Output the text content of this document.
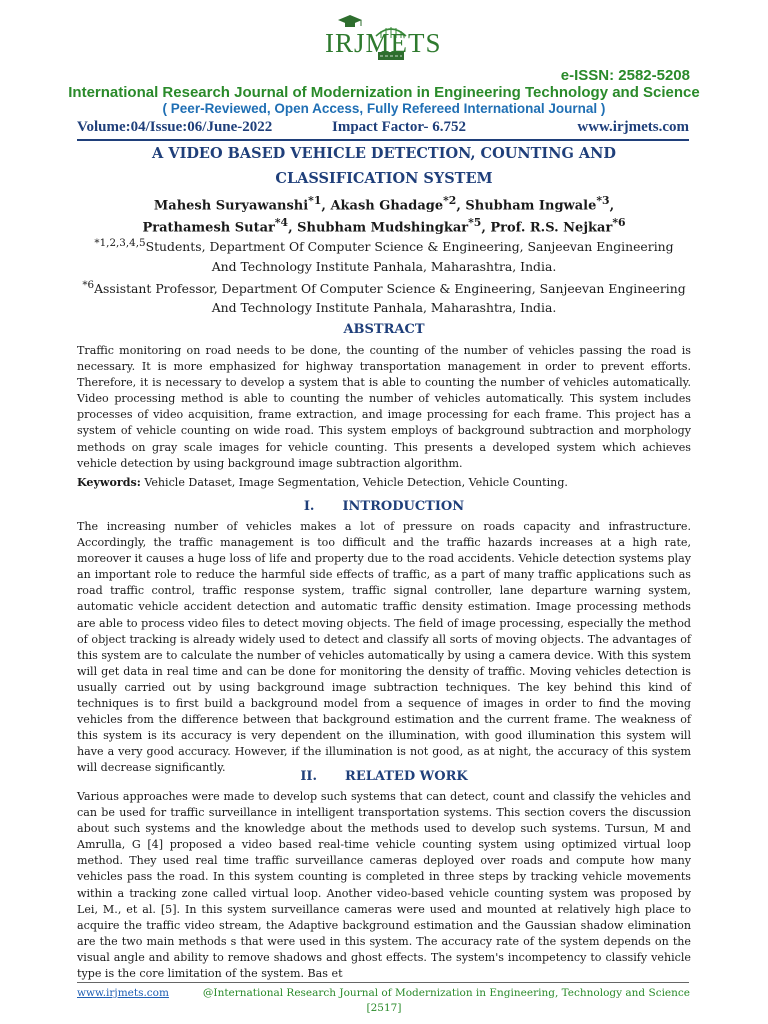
IRJMETS
e-ISSN: 2582-5208
International Research Journal of Modernization in Engineering Technology and Science
( Peer-Reviewed, Open Access, Fully Refereed International Journal )
Volume:04/Issue:06/June-2022	Impact Factor- 6.752	www.irjmets.com
A VIDEO BASED VEHICLE DETECTION, COUNTING AND
CLASSIFICATION SYSTEM
Mahesh Suryawanshi$^{*1}$, Akash Ghadage$^{*2}$, Shubham Ingwale$^{*3}$,
Prathamesh Sutar$^{*4}$, Shubham Mudshingkar$^{*5}$, Prof. R.S. Nejkar$^{*6}$
$^{*1,2,3,4,5}$Students, Department Of Computer Science & Engineering, Sanjeevan Engineering
And Technology Institute Panhala, Maharashtra, India.
$^{*6}$Assistant Professor, Department Of Computer Science & Engineering, Sanjeevan Engineering
And Technology Institute Panhala, Maharashtra, India.
ABSTRACT
Traffic monitoring on road needs to be done, the counting of the number of vehicles passing the road is necessary. It is more emphasized for highway transportation management in order to prevent efforts. Therefore, it is necessary to develop a system that is able to counting the number of vehicles automatically. Video processing method is able to counting the number of vehicles automatically. This system includes processes of video acquisition, frame extraction, and image processing for each frame. This project has a system of vehicle counting on wide road. This system employs of background subtraction and morphology methods on gray scale images for vehicle counting. This presents a developed system which achieves vehicle detection by using background image subtraction algorithm.
Keywords: Vehicle Dataset, Image Segmentation, Vehicle Detection, Vehicle Counting.
I. INTRODUCTION
The increasing number of vehicles makes a lot of pressure on roads capacity and infrastructure. Accordingly, the traffic management is too difficult and the traffic hazards increases at a high rate, moreover it causes a huge loss of life and property due to the road accidents. Vehicle detection systems play an important role to reduce the harmful side effects of traffic, as a part of many traffic applications such as road traffic control, traffic response system, traffic signal controller, lane departure warning system, automatic vehicle accident detection and automatic traffic density estimation. Image processing methods are able to process video files to detect moving objects. The field of image processing, especially the method of object tracking is already widely used to detect and classify all sorts of moving objects. The advantages of this system are to calculate the number of vehicles automatically by using a camera device. With this system will get data in real time and can be done for monitoring the density of traffic. Moving vehicles detection is usually carried out by using background image subtraction techniques. The key behind this kind of techniques is to first build a background model from a sequence of images in order to find the moving vehicles from the difference between that background estimation and the current frame. The weakness of this system is its accuracy is very dependent on the illumination, with good illumination this system will have a very good accuracy. However, if the illumination is not good, as at night, the accuracy of this system will decrease significantly.
II. RELATED WORK
Various approaches were made to develop such systems that can detect, count and classify the vehicles and can be used for traffic surveillance in intelligent transportation systems. This section covers the discussion about such systems and the knowledge about the methods used to develop such systems. Tursun, M and Amrulla, G [4] proposed a video based real-time vehicle counting system using optimized virtual loop method. They used real time traffic surveillance cameras deployed over roads and compute how many vehicles pass the road. In this system counting is completed in three steps by tracking vehicle movements within a tracking zone called virtual loop. Another video-based vehicle counting system was proposed by Lei, M., et al. [5]. In this system surveillance cameras were used and mounted at relatively high place to acquire the traffic video stream, the Adaptive background estimation and the Gaussian shadow elimination are the two main methods s that were used in this system. The accuracy rate of the system depends on the visual angle and ability to remove shadows and ghost effects. The system's incompetency to classify vehicle type is the core limitation of the system. Bas et
www.irjmets.com	@International Research Journal of Modernization in Engineering, Technology and Science
[2517]
